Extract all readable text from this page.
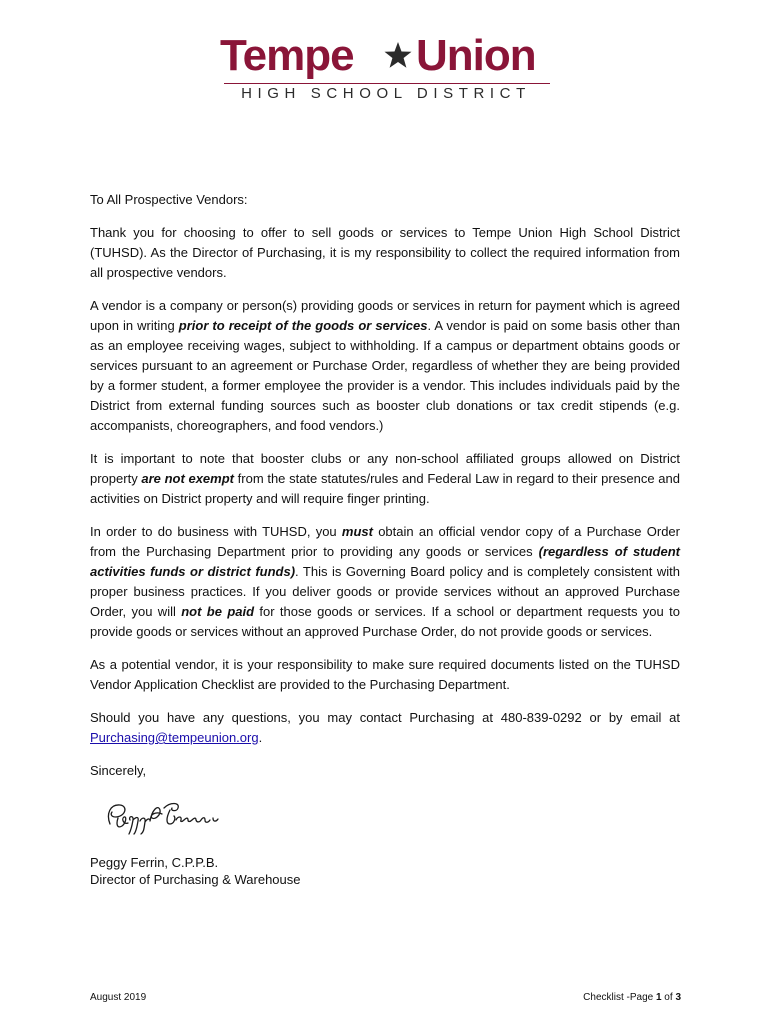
Tempe Union
HIGH SCHOOL DISTRICT

To All Prospective Vendors:

Thank you for choosing to offer to sell goods or services to Tempe Union High School District (TUHSD). As the Director of Purchasing, it is my responsibility to collect the required information from all prospective vendors.

A vendor is a company or person(s) providing goods or services in return for payment which is agreed upon in writing prior to receipt of the goods or services. A vendor is paid on some basis other than as an employee receiving wages, subject to withholding. If a campus or department obtains goods or services pursuant to an agreement or Purchase Order, regardless of whether they are being provided by a former student, a former employee the provider is a vendor. This includes individuals paid by the District from external funding sources such as booster club donations or tax credit stipends (e.g. accompanists, choreographers, and food vendors.)

It is important to note that booster clubs or any non-school affiliated groups allowed on District property are not exempt from the state statutes/rules and Federal Law in regard to their presence and activities on District property and will require finger printing.

In order to do business with TUHSD, you must obtain an official vendor copy of a Purchase Order from the Purchasing Department prior to providing any goods or services (regardless of student activities funds or district funds). This is Governing Board policy and is completely consistent with proper business practices. If you deliver goods or provide services without an approved Purchase Order, you will not be paid for those goods or services. If a school or department requests you to provide goods or services without an approved Purchase Order, do not provide goods or services.

As a potential vendor, it is your responsibility to make sure required documents listed on the TUHSD Vendor Application Checklist are provided to the Purchasing Department.

Should you have any questions, you may contact Purchasing at 480-839-0292 or by email at Purchasing@tempeunion.org.

Sincerely,

Peggy Ferrin, C.P.P.B.
Director of Purchasing & Warehouse
August 2019	Checklist -Page 1 of 3
